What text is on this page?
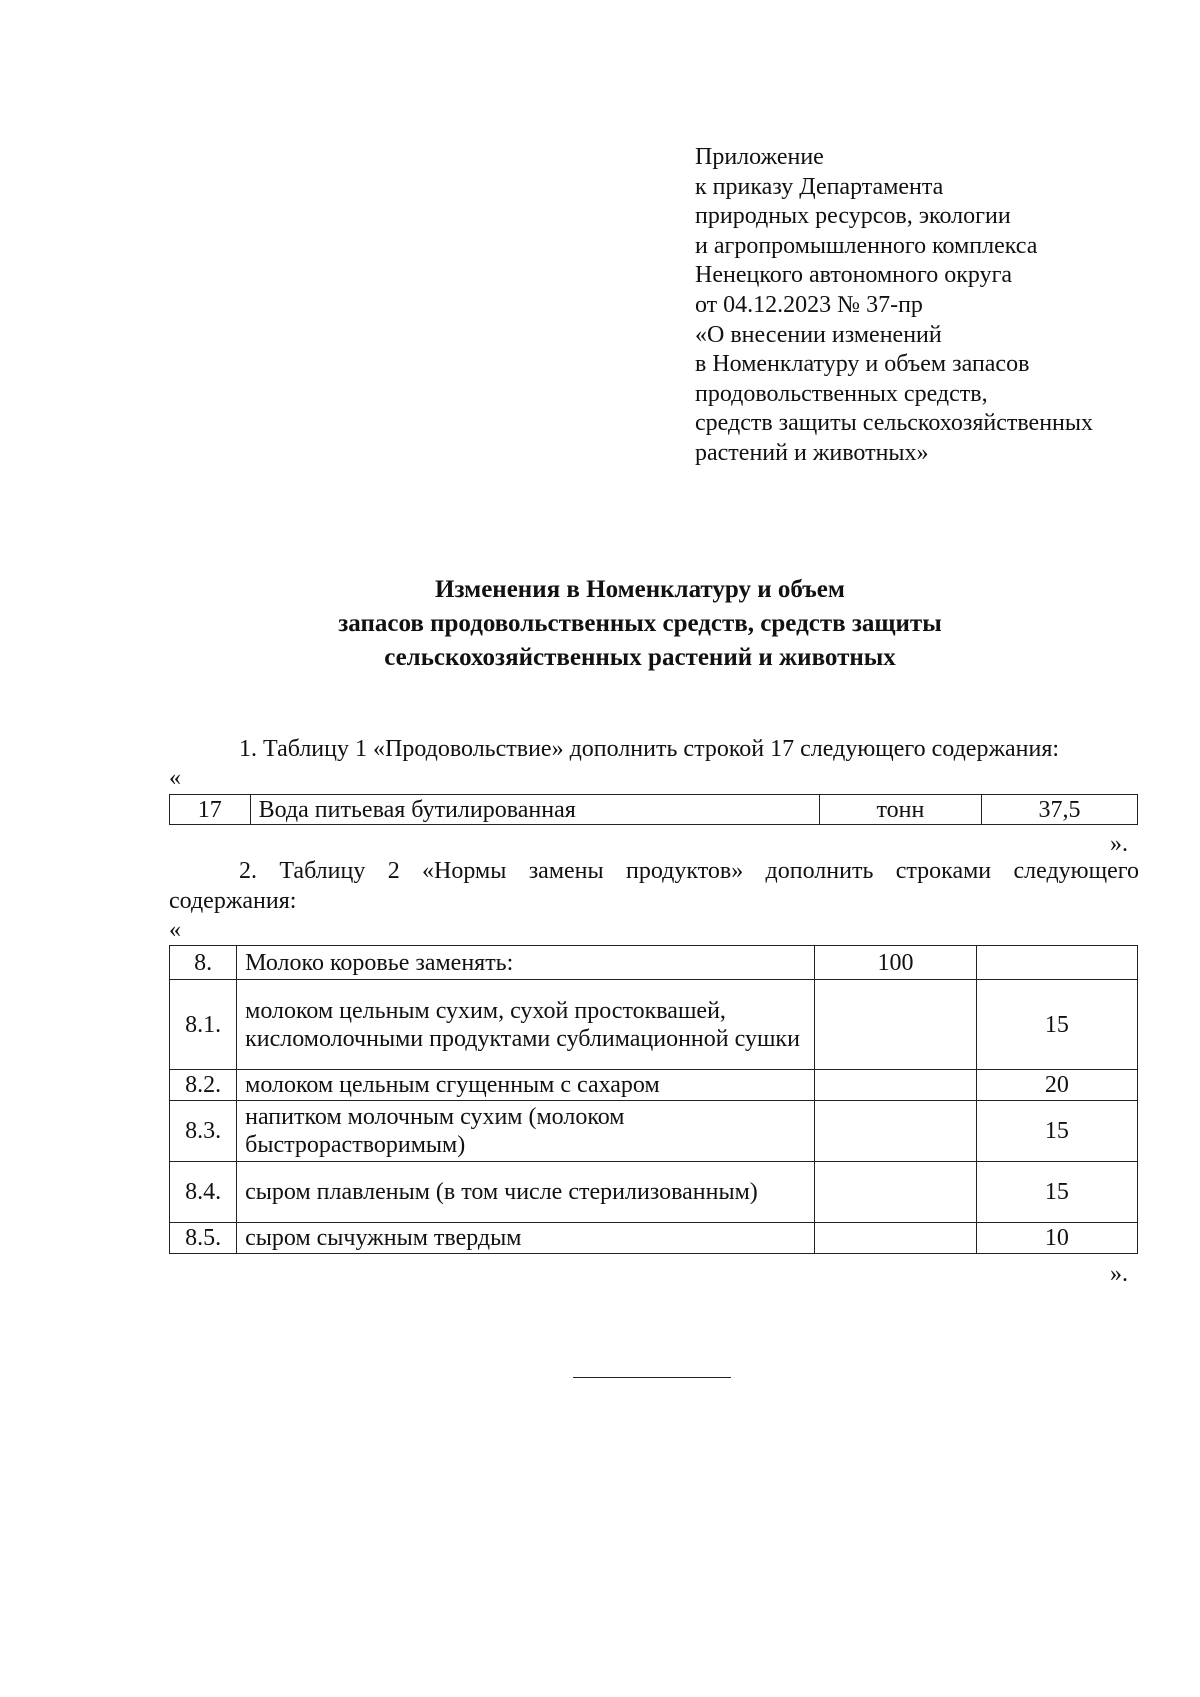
Приложение
к приказу Департамента
природных ресурсов, экологии
и агропромышленного комплекса
Ненецкого автономного округа
от 04.12.2023 № 37-пр
«О внесении изменений
в Номенклатуру и объем запасов
продовольственных средств,
средств защиты сельскохозяйственных
растений и животных»
Изменения в Номенклатуру и объем
запасов продовольственных средств, средств защиты
сельскохозяйственных растений и животных
1. Таблицу 1 «Продовольствие» дополнить строкой 17 следующего содержания:
«
17	Вода питьевая бутилированная	тонн	37,5
».
2. Таблицу 2 «Нормы замены продуктов» дополнить строками следующего содержания:
«
8.	Молоко коровье заменять:	100	
8.1.	молоком цельным сухим, сухой простоквашей, кисломолочными продуктами сублимационной сушки		15
8.2.	молоком цельным сгущенным с сахаром		20
8.3.	напитком молочным сухим (молоком быстрорастворимым)		15
8.4.	сыром плавленым (в том числе стерилизованным)		15
8.5.	сыром сычужным твердым		10
».
